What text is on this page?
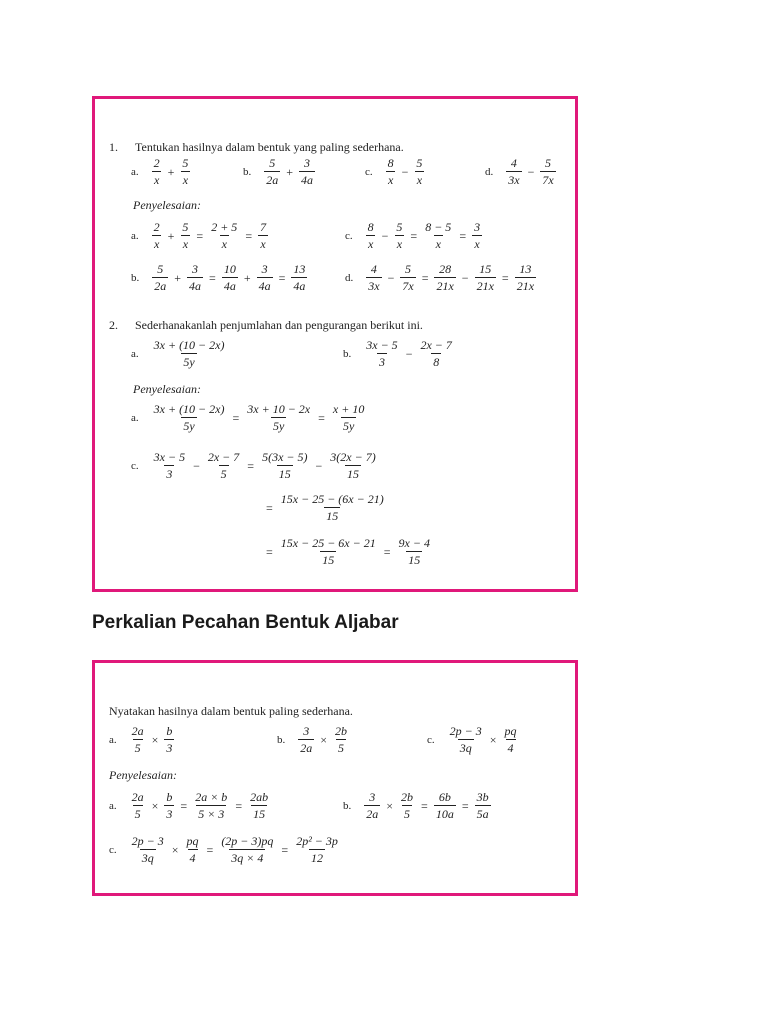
1. Tentukan hasilnya dalam bentuk yang paling sederhana.
a. $\frac{2}{x} + \frac{5}{x}$	b. $\frac{5}{2a} + \frac{3}{4a}$	c. $\frac{8}{x} - \frac{5}{x}$	d. $\frac{4}{3x} - \frac{5}{7x}$
Penyelesaian:
a. $\frac{2}{x} + \frac{5}{x} = \frac{2 + 5}{x} = \frac{7}{x}$	c. $\frac{8}{x} - \frac{5}{x} = \frac{8 - 5}{x} = \frac{3}{x}$
b. $\frac{5}{2a} + \frac{3}{4a} = \frac{10}{4a} + \frac{3}{4a} = \frac{13}{4a}$	d. $\frac{4}{3x} - \frac{5}{7x} = \frac{28}{21x} - \frac{15}{21x} = \frac{13}{21x}$
2. Sederhanakanlah penjumlahan dan pengurangan berikut ini.
a. $\frac{3x + (10 - 2x)}{5y}$	b. $\frac{3x - 5}{3} - \frac{2x - 7}{8}$
Penyelesaian:
a. $\frac{3x + (10 - 2x)}{5y} = \frac{3x + 10 - 2x}{5y} = \frac{x + 10}{5y}$
c. $\frac{3x - 5}{3} - \frac{2x - 7}{5} = \frac{5(3x - 5)}{15} - \frac{3(2x - 7)}{15}$
= $\frac{15x - 25 - (6x - 21)}{15}$
= $\frac{15x - 25 - 6x - 21}{15} = \frac{9x - 4}{15}$
Perkalian Pecahan Bentuk Aljabar
Nyatakan hasilnya dalam bentuk paling sederhana.
a. $\frac{2a}{5} \times \frac{b}{3}$	b. $\frac{3}{2a} \times \frac{2b}{5}$	c. $\frac{2p - 3}{3q} \times \frac{pq}{4}$
Penyelesaian:
a. $\frac{2a}{5} \times \frac{b}{3} = \frac{2a \times b}{5 \times 3} = \frac{2ab}{15}$	b. $\frac{3}{2a} \times \frac{2b}{5} = \frac{6b}{10a} = \frac{3b}{5a}$
c. $\frac{2p - 3}{3q} \times \frac{pq}{4} = \frac{(2p - 3)pq}{3q \times 4} = \frac{\text{2p² − 3p}}{12}$
